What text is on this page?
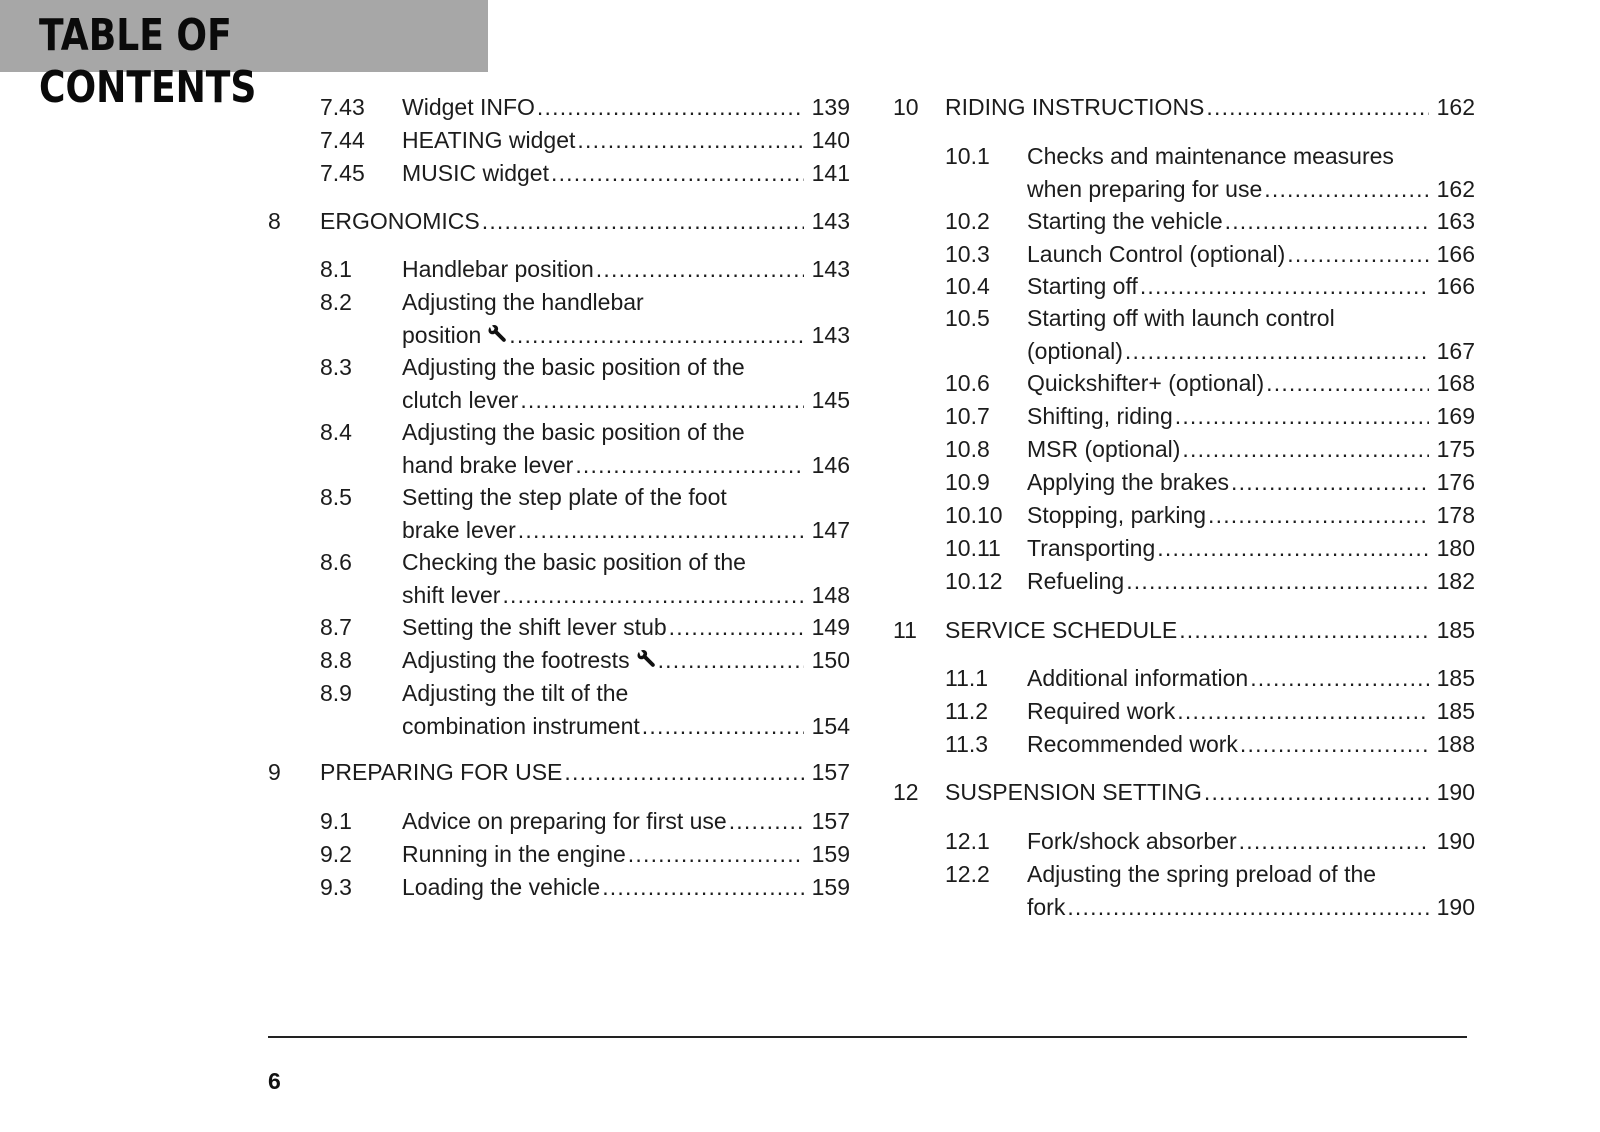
TABLE OF CONTENTS	7.43 Widget INFO .....	139
7.44 HEATING widget .....	140
7.45 MUSIC widget .....	141
8 ERGONOMICS .....	143
8.1 Handlebar position .....	143
8.2 Adjusting the handlebar
position .....	143
8.3 Adjusting the basic position of the
clutch lever .....	145
8.4 Adjusting the basic position of the
hand brake lever .....	146
8.5 Setting the step plate of the foot
brake lever .....	147
8.6 Checking the basic position of the
shift lever .....	148
8.7 Setting the shift lever stub .....	149
8.8 Adjusting the footrests .....	150
8.9 Adjusting the tilt of the
combination instrument .....	154
9 PREPARING FOR USE .....	157
9.1 Advice on preparing for first use .....	157
9.2 Running in the engine .....	159
9.3 Loading the vehicle .....	159
10 RIDING INSTRUCTIONS .....	162
10.1 Checks and maintenance measures
when preparing for use .....	162
10.2 Starting the vehicle .....	163
10.3 Launch Control (optional) .....	166
10.4 Starting off .....	166
10.5 Starting off with launch control
(optional) .....	167
10.6 Quickshifter+ (optional) .....	168
10.7 Shifting, riding .....	169
10.8 MSR (optional) .....	175
10.9 Applying the brakes .....	176
10.10 Stopping, parking .....	178
10.11 Transporting .....	180
10.12 Refueling .....	182
11 SERVICE SCHEDULE .....	185
11.1 Additional information .....	185
11.2 Required work .....	185
11.3 Recommended work .....	188
12 SUSPENSION SETTING .....	190
12.1 Fork/shock absorber .....	190
12.2 Adjusting the spring preload of the
fork .....	190
6
